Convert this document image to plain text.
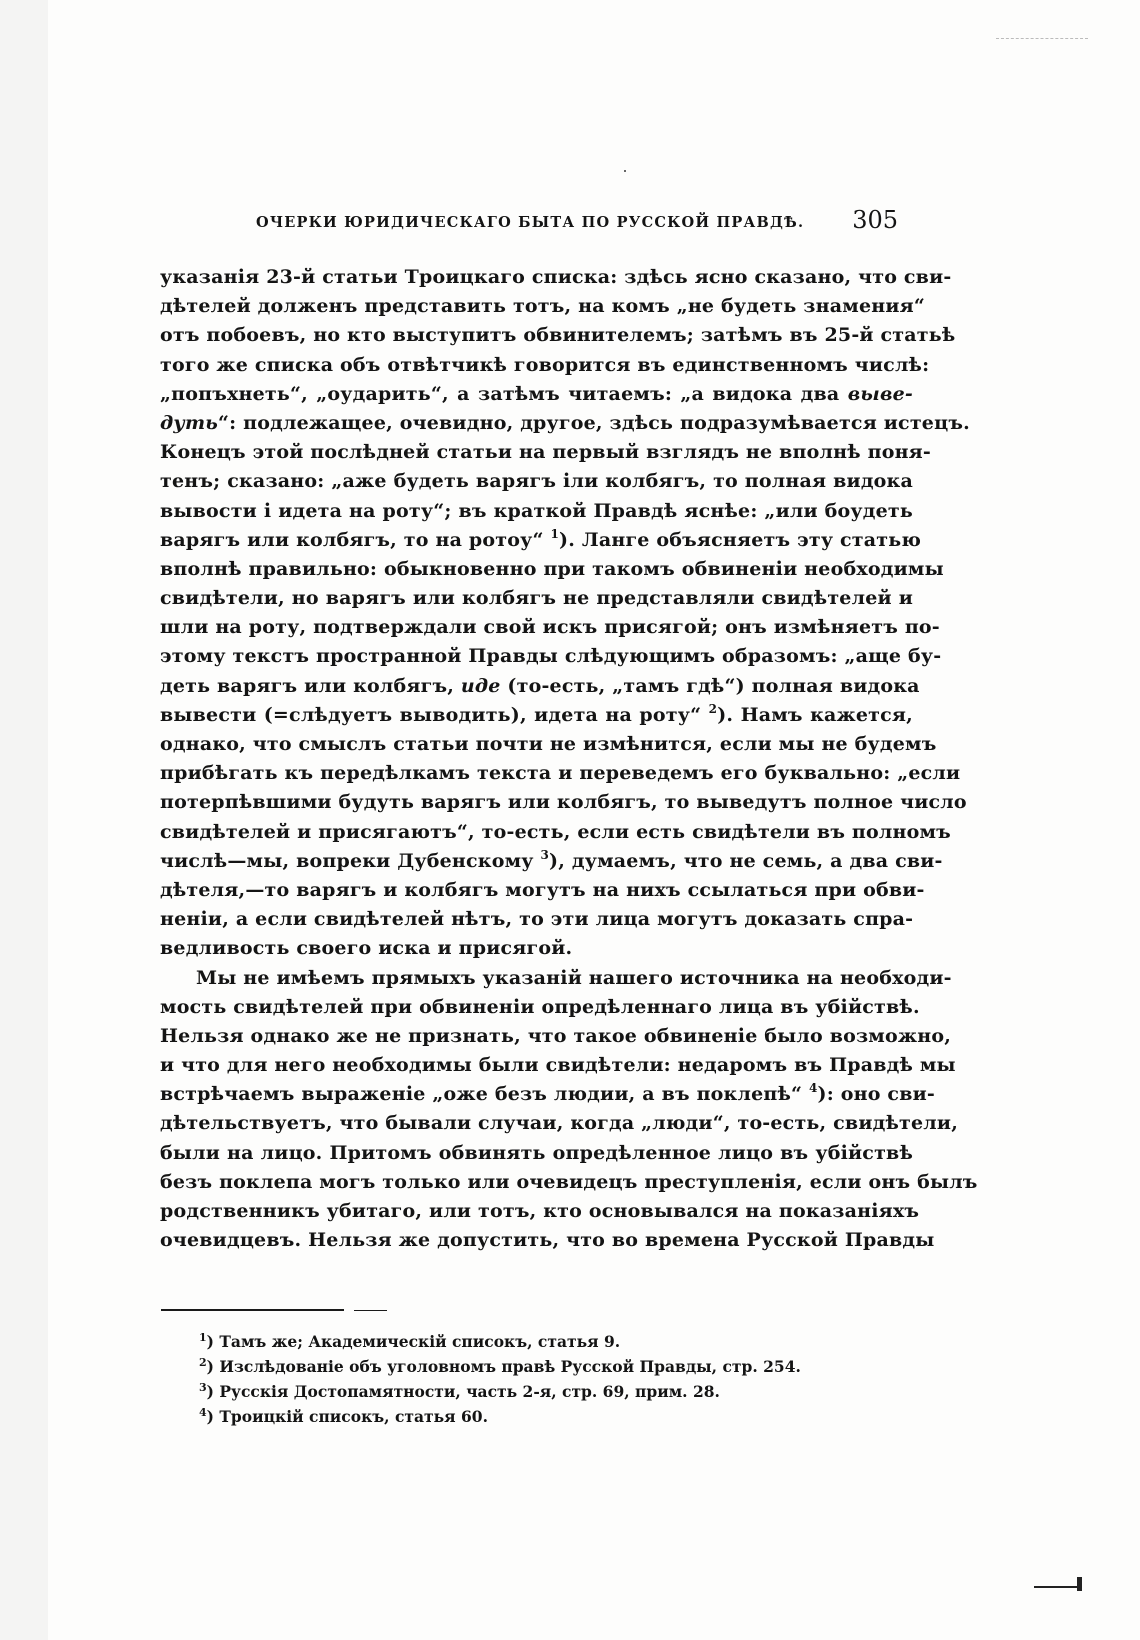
ОЧЕРКИ ЮРИДИЧЕСКАГО БЫТА ПО РУССКОЙ ПРАВДѢ. 305
указанія 23-й статьи Троицкаго списка: здѣсь ясно сказано, что сви-
дѣтелей долженъ представить тотъ, на комъ „не будеть знамения“
отъ побоевъ, но кто выступитъ обвинителемъ; затѣмъ въ 25-й статьѣ
того же списка объ отвѣтчикѣ говорится въ единственномъ числѣ:
„попъхнеть“, „оударить“, а затѣмъ читаемъ: „а видока два выве-
дуть“: подлежащее, очевидно, другое, здѣсь подразумѣвается истецъ.
Конецъ этой послѣдней статьи на первый взглядъ не вполнѣ поня-
тенъ; сказано: „аже будеть варягъ іли колбягъ, то полная видока
вывости і идета на роту“; въ краткой Правдѣ яснѣе: „или боудеть
варягъ или колбягъ, то на ротоу“ $^1$). Ланге объясняетъ эту статью
вполнѣ правильно: обыкновенно при такомъ обвиненіи необходимы
свидѣтели, но варягъ или колбягъ не представляли свидѣтелей и
шли на роту, подтверждали свой искъ присягой; онъ измѣняетъ по-
этому текстъ пространной Правды слѣдующимъ образомъ: „аще бу-
деть варягъ или колбягъ, иде (то-есть, „тамъ гдѣ“) полная видока
вывести (=слѣдуетъ выводить), идета на роту“ $^2$). Намъ кажется,
однако, что смыслъ статьи почти не измѣнится, если мы не будемъ
прибѣгать къ передѣлкамъ текста и переведемъ его буквально: „если
потерпѣвшими будуть варягъ или колбягъ, то выведутъ полное число
свидѣтелей и присягаютъ“, то-есть, если есть свидѣтели въ полномъ
числѣ—мы, вопреки Дубенскому $^3$), думаемъ, что не семь, а два сви-
дѣтеля,—то варягъ и колбягъ могутъ на нихъ ссылаться при обви-
неніи, а если свидѣтелей нѣтъ, то эти лица могутъ доказать спра-
ведливость своего иска и присягой.
Мы не имѣемъ прямыхъ указаній нашего источника на необходи-
мость свидѣтелей при обвиненіи опредѣленнаго лица въ убійствѣ.
Нельзя однако же не признать, что такое обвиненіе было возможно,
и что для него необходимы были свидѣтели: недаромъ въ Правдѣ мы
встрѣчаемъ выраженіе „оже безъ людии, а въ поклепѣ“ $^4$): оно сви-
дѣтельствуетъ, что бывали случаи, когда „люди“, то-есть, свидѣтели,
были на лицо. Притомъ обвинять опредѣленное лицо въ убійствѣ
безъ поклепа могъ только или очевидецъ преступленія, если онъ былъ
родственникъ убитаго, или тотъ, кто основывался на показаніяхъ
очевидцевъ. Нельзя же допустить, что во времена Русской Правды
$^1$) Тамъ же; Академическій списокъ, статья 9.
$^2$) Изслѣдованіе объ уголовномъ правѣ Русской Правды, стр. 254.
$^3$) Русскія Достопамятности, часть 2-я, стр. 69, прим. 28.
$^4$) Троицкій списокъ, статья 60.
